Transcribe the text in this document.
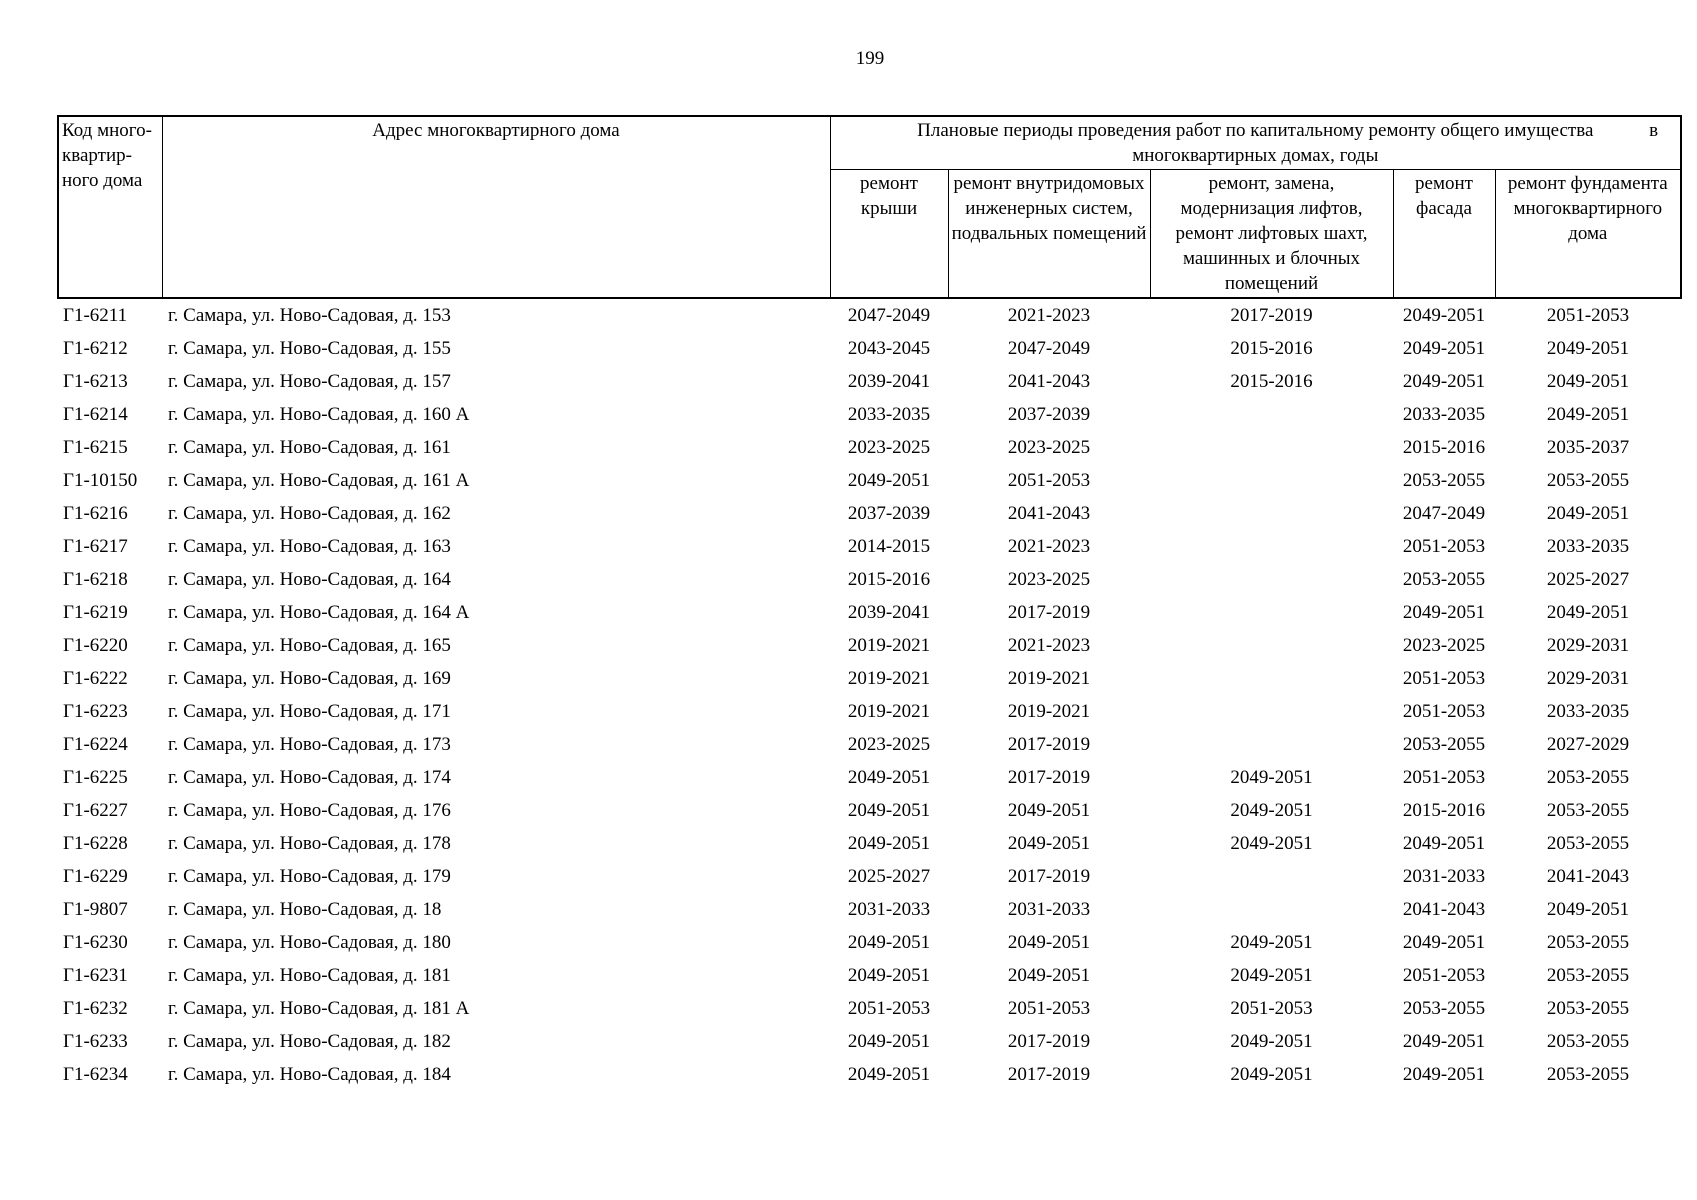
199
Код много-квартир-ного дома	Адрес многоквартирного дома	Плановые периоды проведения работ по капитальному ремонту общего имущества в

многоквартирных домах, годы				
		ремонт крыши	ремонт внутридомовых инженерных систем, подвальных помещений	ремонт, замена, модернизация лифтов, ремонт лифтовых шахт, машинных и блочных помещений	ремонт фасада	ремонт фундамента многоквартирного дома
Г1-6211	г. Самара, ул. Ново-Садовая, д. 153	2047-2049	2021-2023	2017-2019	2049-2051	2051-2053
Г1-6212	г. Самара, ул. Ново-Садовая, д. 155	2043-2045	2047-2049	2015-2016	2049-2051	2049-2051
Г1-6213	г. Самара, ул. Ново-Садовая, д. 157	2039-2041	2041-2043	2015-2016	2049-2051	2049-2051
Г1-6214	г. Самара, ул. Ново-Садовая, д. 160 А	2033-2035	2037-2039		2033-2035	2049-2051
Г1-6215	г. Самара, ул. Ново-Садовая, д. 161	2023-2025	2023-2025		2015-2016	2035-2037
Г1-10150	г. Самара, ул. Ново-Садовая, д. 161 А	2049-2051	2051-2053		2053-2055	2053-2055
Г1-6216	г. Самара, ул. Ново-Садовая, д. 162	2037-2039	2041-2043		2047-2049	2049-2051
Г1-6217	г. Самара, ул. Ново-Садовая, д. 163	2014-2015	2021-2023		2051-2053	2033-2035
Г1-6218	г. Самара, ул. Ново-Садовая, д. 164	2015-2016	2023-2025		2053-2055	2025-2027
Г1-6219	г. Самара, ул. Ново-Садовая, д. 164 А	2039-2041	2017-2019		2049-2051	2049-2051
Г1-6220	г. Самара, ул. Ново-Садовая, д. 165	2019-2021	2021-2023		2023-2025	2029-2031
Г1-6222	г. Самара, ул. Ново-Садовая, д. 169	2019-2021	2019-2021		2051-2053	2029-2031
Г1-6223	г. Самара, ул. Ново-Садовая, д. 171	2019-2021	2019-2021		2051-2053	2033-2035
Г1-6224	г. Самара, ул. Ново-Садовая, д. 173	2023-2025	2017-2019		2053-2055	2027-2029
Г1-6225	г. Самара, ул. Ново-Садовая, д. 174	2049-2051	2017-2019	2049-2051	2051-2053	2053-2055
Г1-6227	г. Самара, ул. Ново-Садовая, д. 176	2049-2051	2049-2051	2049-2051	2015-2016	2053-2055
Г1-6228	г. Самара, ул. Ново-Садовая, д. 178	2049-2051	2049-2051	2049-2051	2049-2051	2053-2055
Г1-6229	г. Самара, ул. Ново-Садовая, д. 179	2025-2027	2017-2019		2031-2033	2041-2043
Г1-9807	г. Самара, ул. Ново-Садовая, д. 18	2031-2033	2031-2033		2041-2043	2049-2051
Г1-6230	г. Самара, ул. Ново-Садовая, д. 180	2049-2051	2049-2051	2049-2051	2049-2051	2053-2055
Г1-6231	г. Самара, ул. Ново-Садовая, д. 181	2049-2051	2049-2051	2049-2051	2051-2053	2053-2055
Г1-6232	г. Самара, ул. Ново-Садовая, д. 181 А	2051-2053	2051-2053	2051-2053	2053-2055	2053-2055
Г1-6233	г. Самара, ул. Ново-Садовая, д. 182	2049-2051	2017-2019	2049-2051	2049-2051	2053-2055
Г1-6234	г. Самара, ул. Ново-Садовая, д. 184	2049-2051	2017-2019	2049-2051	2049-2051	2053-2055
